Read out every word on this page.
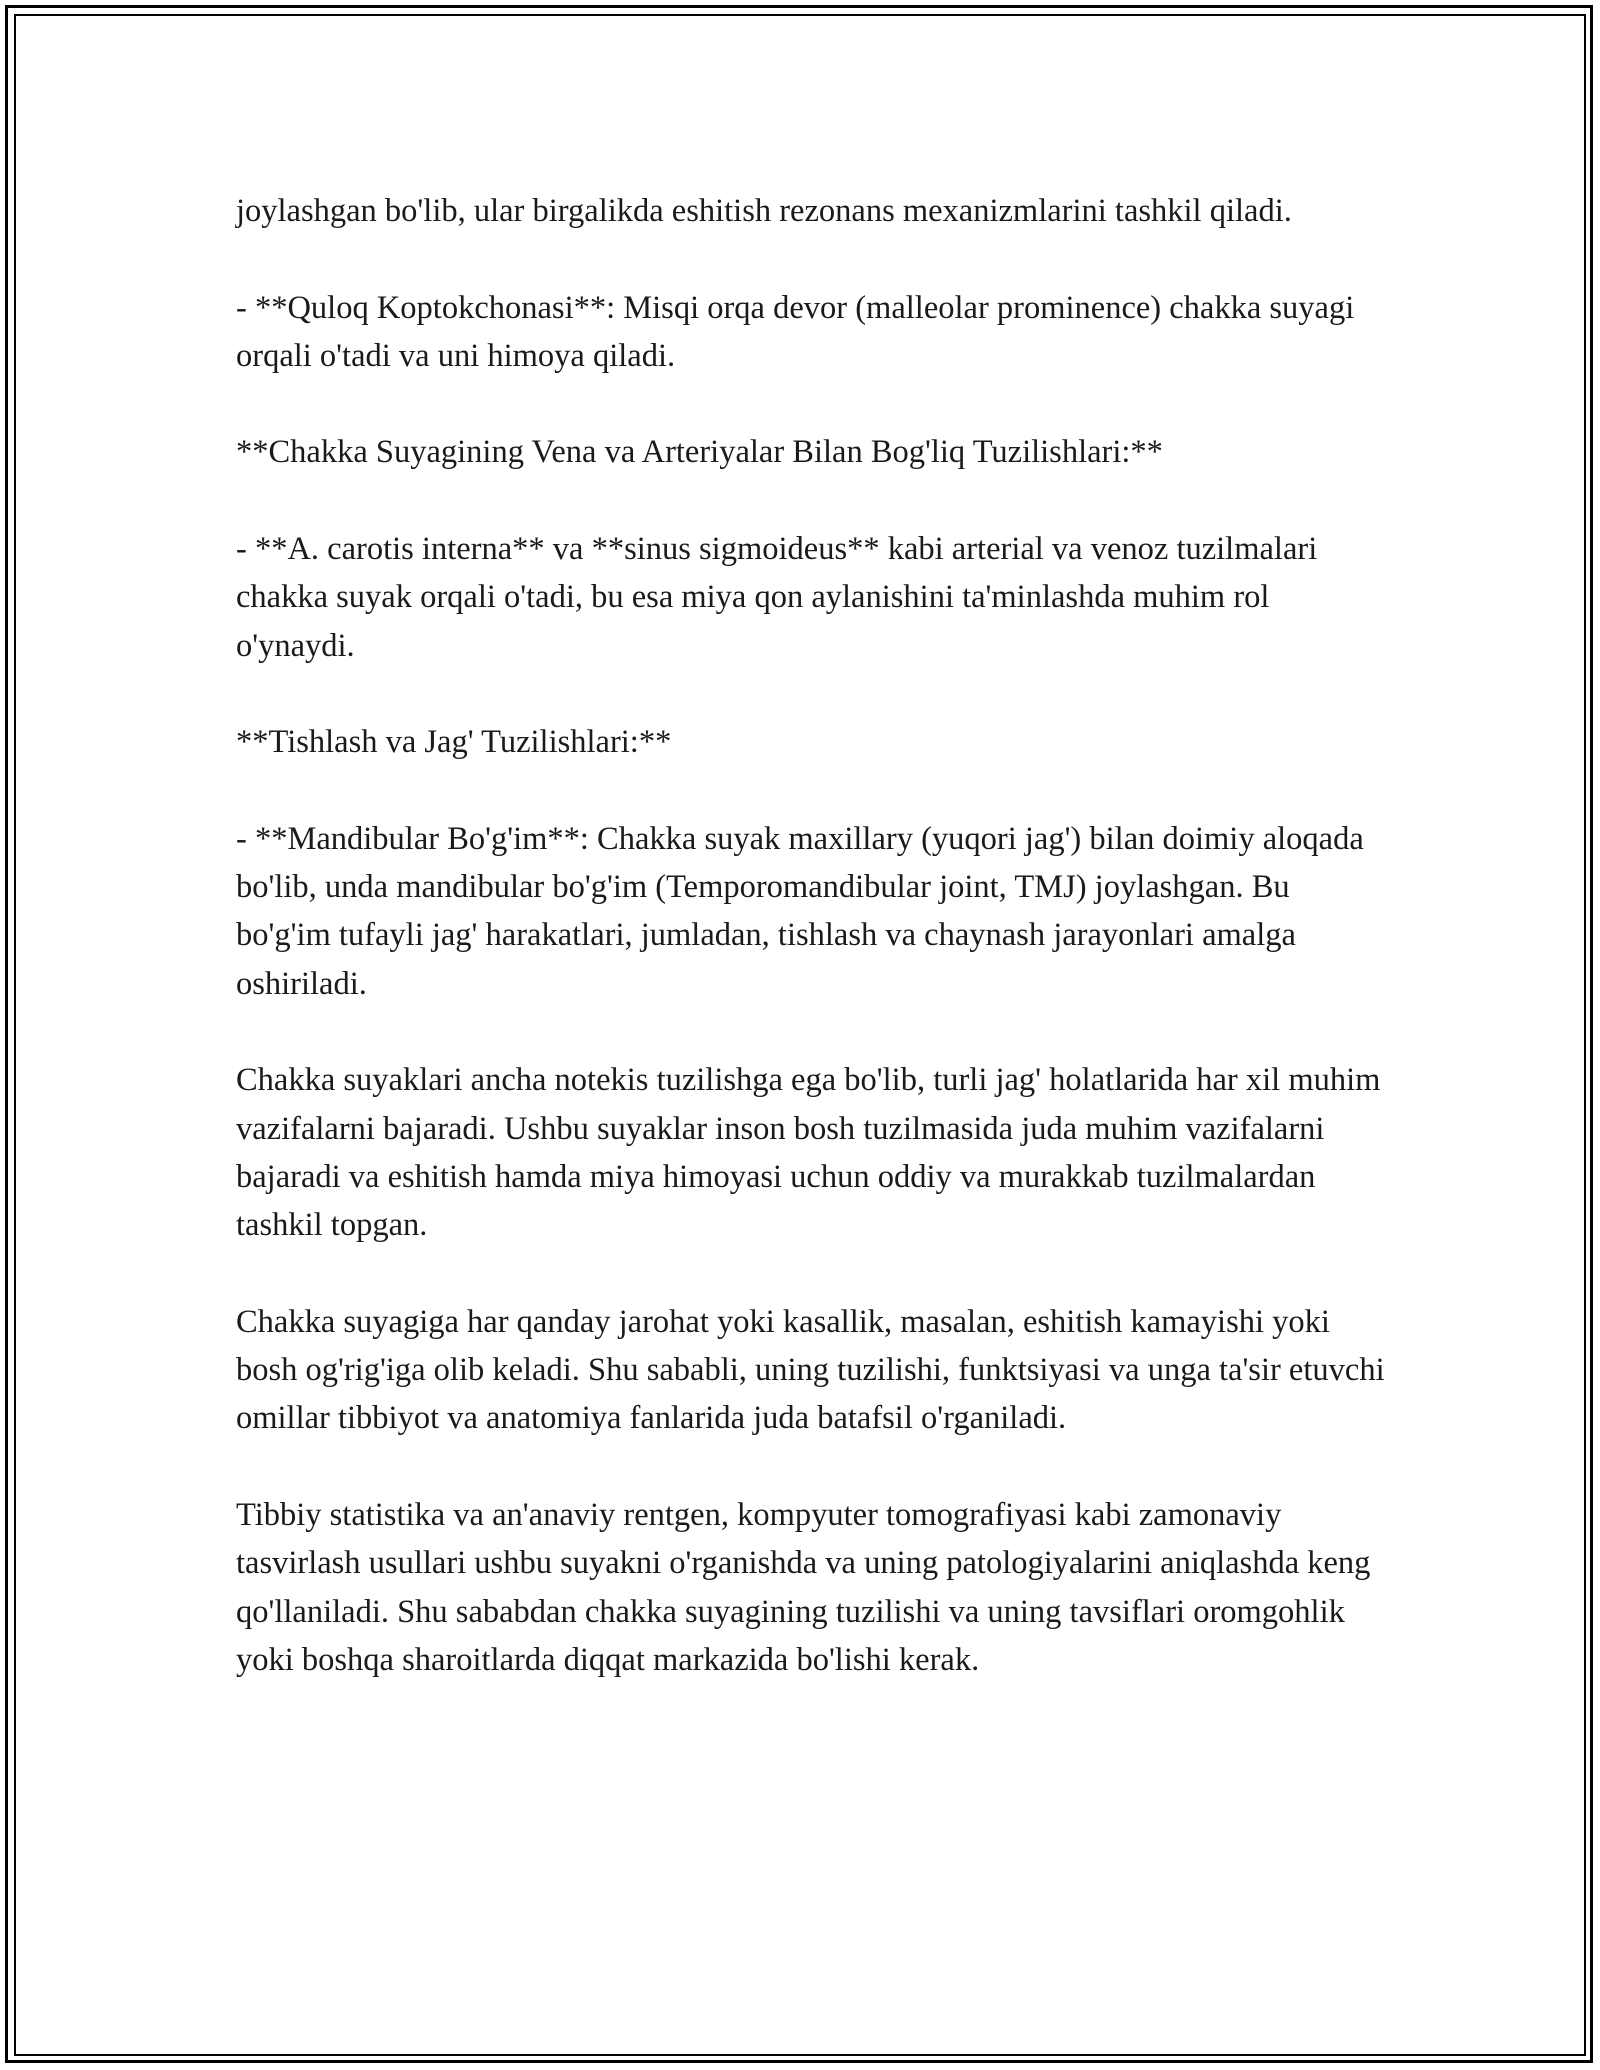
joylashgan bo'lib, ular birgalikda eshitish rezonans mexanizmlarini tashkil qiladi.

- **Quloq Koptokchonasi**: Misqi orqa devor (malleolar prominence) chakka suyagi orqali o'tadi va uni himoya qiladi.

**Chakka Suyagining Vena va Arteriyalar Bilan Bog'liq Tuzilishlari:**

- **A. carotis interna** va **sinus sigmoideus** kabi arterial va venoz tuzilmalari chakka suyak orqali o'tadi, bu esa miya qon aylanishini ta'minlashda muhim rol o'ynaydi.

**Tishlash va Jag' Tuzilishlari:**

- **Mandibular Bo'g'im**: Chakka suyak maxillary (yuqori jag') bilan doimiy aloqada bo'lib, unda mandibular bo'g'im (Temporomandibular joint, TMJ) joylashgan. Bu bo'g'im tufayli jag' harakatlari, jumladan, tishlash va chaynash jarayonlari amalga oshiriladi.

Chakka suyaklari ancha notekis tuzilishga ega bo'lib, turli jag' holatlarida har xil muhim vazifalarni bajaradi. Ushbu suyaklar inson bosh tuzilmasida juda muhim vazifalarni bajaradi va eshitish hamda miya himoyasi uchun oddiy va murakkab tuzilmalardan tashkil topgan.

Chakka suyagiga har qanday jarohat yoki kasallik, masalan, eshitish kamayishi yoki bosh og'rig'iga olib keladi. Shu sababli, uning tuzilishi, funktsiyasi va unga ta'sir etuvchi omillar tibbiyot va anatomiya fanlarida juda batafsil o'rganiladi.

Tibbiy statistika va an'anaviy rentgen, kompyuter tomografiyasi kabi zamonaviy tasvirlash usullari ushbu suyakni o'rganishda va uning patologiyalarini aniqlashda keng qo'llaniladi. Shu sababdan chakka suyagining tuzilishi va uning tavsiflari oromgohlik yoki boshqa sharoitlarda diqqat markazida bo'lishi kerak.
